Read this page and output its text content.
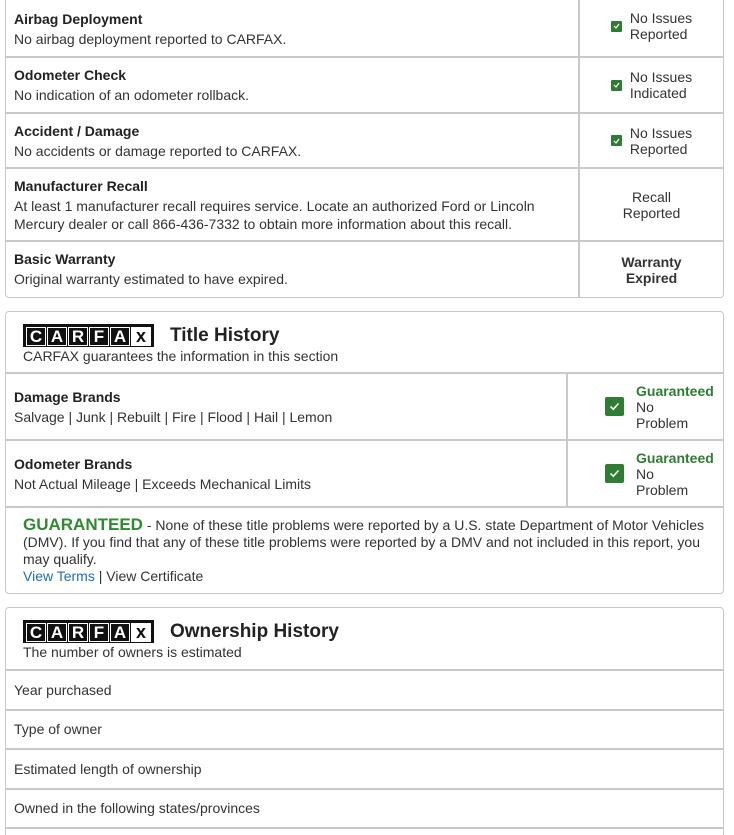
Airbag Deployment
No airbag deployment reported to CARFAX.
No Issues
Reported
Odometer Check
No indication of an odometer rollback.
No Issues
Indicated
Accident / Damage
No accidents or damage reported to CARFAX.
No Issues
Reported
Manufacturer Recall
At least 1 manufacturer recall requires service. Locate an authorized Ford or Lincoln Mercury dealer or call 866-436-7332 to obtain more information about this recall.
Recall
Reported
Basic Warranty
Original warranty estimated to have expired.
Warranty
Expired
C A R F A x Title History
CARFAX guarantees the information in this section
Damage Brands
Salvage | Junk | Rebuilt | Fire | Flood | Hail | Lemon
Guaranteed
No
Problem
Odometer Brands
Not Actual Mileage | Exceeds Mechanical Limits
Guaranteed
No
Problem
GUARANTEED - None of these title problems were reported by a U.S. state Department of Motor Vehicles (DMV). If you find that any of these title problems were reported by a DMV and not included in this report, you may qualify.
View Terms | View Certificate
C A R F A x Ownership History
The number of owners is estimated
Year purchased
Type of owner
Estimated length of ownership
Owned in the following states/provinces
